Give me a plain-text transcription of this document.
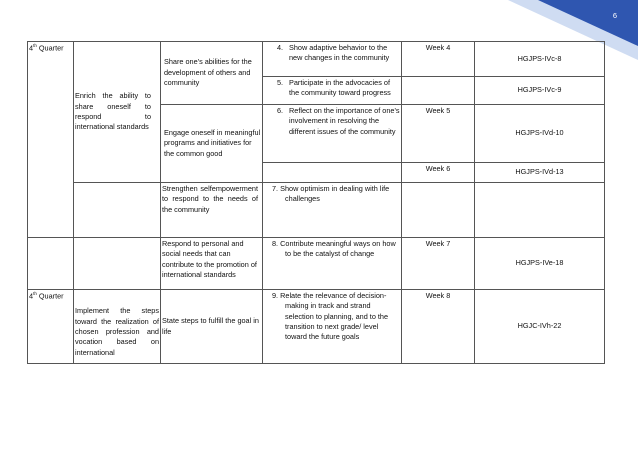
6
4th Quarter	Enrich the ability to share oneself to respond to international standards	Share one's abilities for the development of others and community	4. Show adaptive behavior to the new changes in the community	Week 4	HGJPS-IVc-8

			5. Participate in the advocacies of the community toward progress		HGJPS-IVc-9

		Engage oneself in meaningful programs and initiatives for the common good	6. Reflect on the importance of one's involvement in resolving the different issues of the community	Week 5	HGJPS-IVd-10
				Week 6	HGJPS-IVd-13

		Strengthen selfempowerment to respond to the needs of the community	7. Show optimism in dealing with life challenges		

		Respond to personal and social needs that can contribute to the promotion of international standards	8. Contribute meaningful ways on how to be the catalyst of change	Week 7	HGJPS-IVe-18
4th Quarter	Implement the steps toward the realization of chosen profession and vocation based on international	State steps to fulfill the goal in life	9. Relate the relevance of decision-making in track and strand selection to planning, and to the transition to next grade/ level toward the future goals	Week 8	HGJC-IVh-22
